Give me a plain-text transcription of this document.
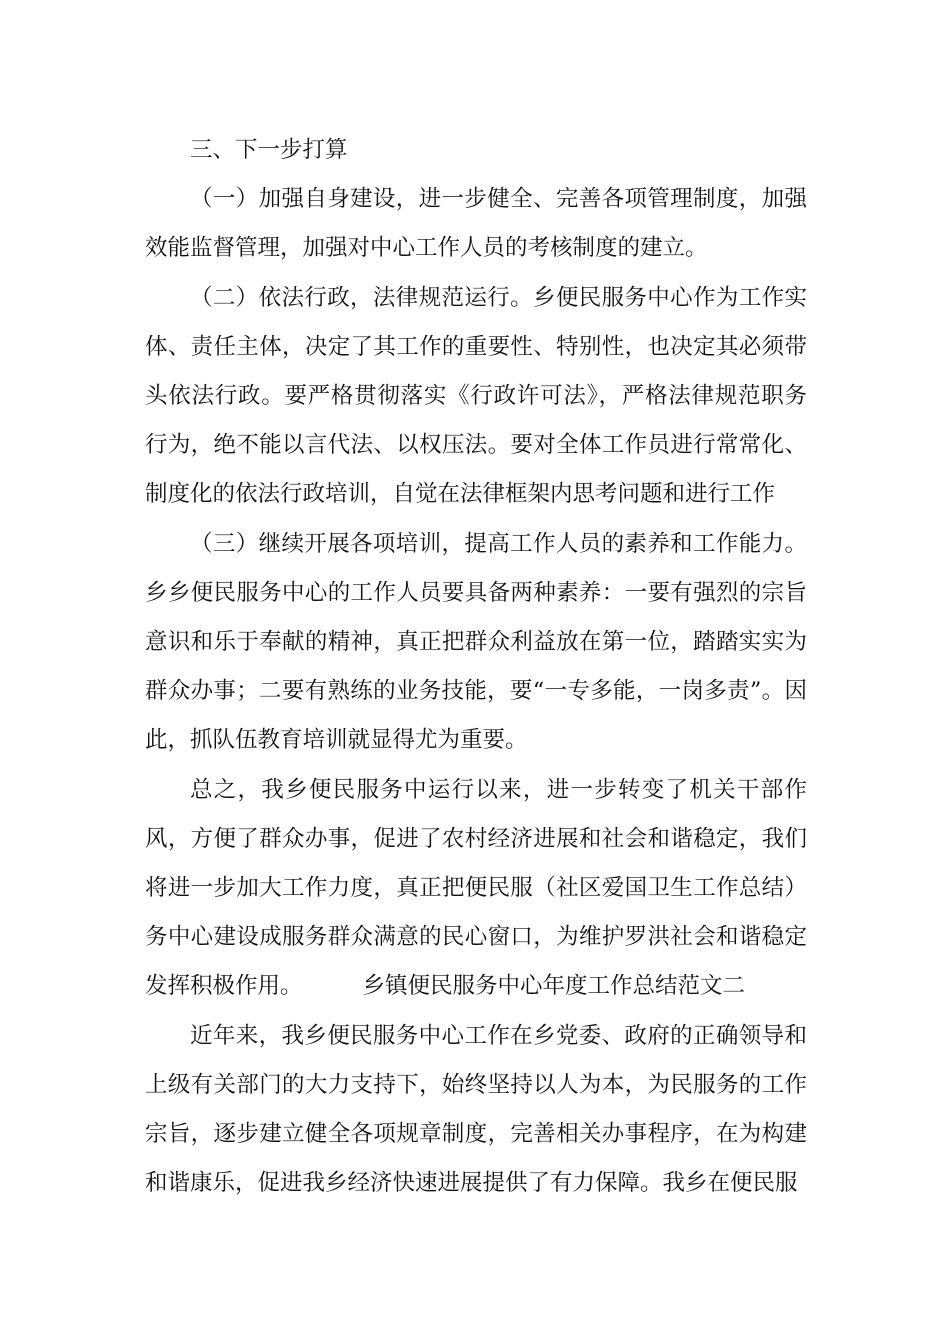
三、下一步打算

（一）加强自身建设，进一步健全、完善各项管理制度，加强效能监督管理，加强对中心工作人员的考核制度的建立。

（二）依法行政，法律规范运行。乡便民服务中心作为工作实体、责任主体，决定了其工作的重要性、特别性，也决定其必须带头依法行政。要严格贯彻落实《行政许可法》，严格法律规范职务行为，绝不能以言代法、以权压法。要对全体工作员进行常常化、制度化的依法行政培训，自觉在法律框架内思考问题和进行工作

（三）继续开展各项培训，提高工作人员的素养和工作能力。乡乡便民服务中心的工作人员要具备两种素养：一要有强烈的宗旨意识和乐于奉献的精神，真正把群众利益放在第一位，踏踏实实为群众办事；二要有熟练的业务技能，要“一专多能，一岗多责”。因此，抓队伍教育培训就显得尤为重要。

总之，我乡便民服务中运行以来，进一步转变了机关干部作风，方便了群众办事，促进了农村经济进展和社会和谐稳定，我们将进一步加大工作力度，真正把便民服（社区爱国卫生工作总结）务中心建设成服务群众满意的民心窗口，为维护罗洪社会和谐稳定发挥积极作用。	乡镇便民服务中心年度工作总结范文二

近年来，我乡便民服务中心工作在乡党委、政府的正确领导和上级有关部门的大力支持下，始终坚持以人为本，为民服务的工作宗旨，逐步建立健全各项规章制度，完善相关办事程序，在为构建和谐康乐，促进我乡经济快速进展提供了有力保障。我乡在便民服
